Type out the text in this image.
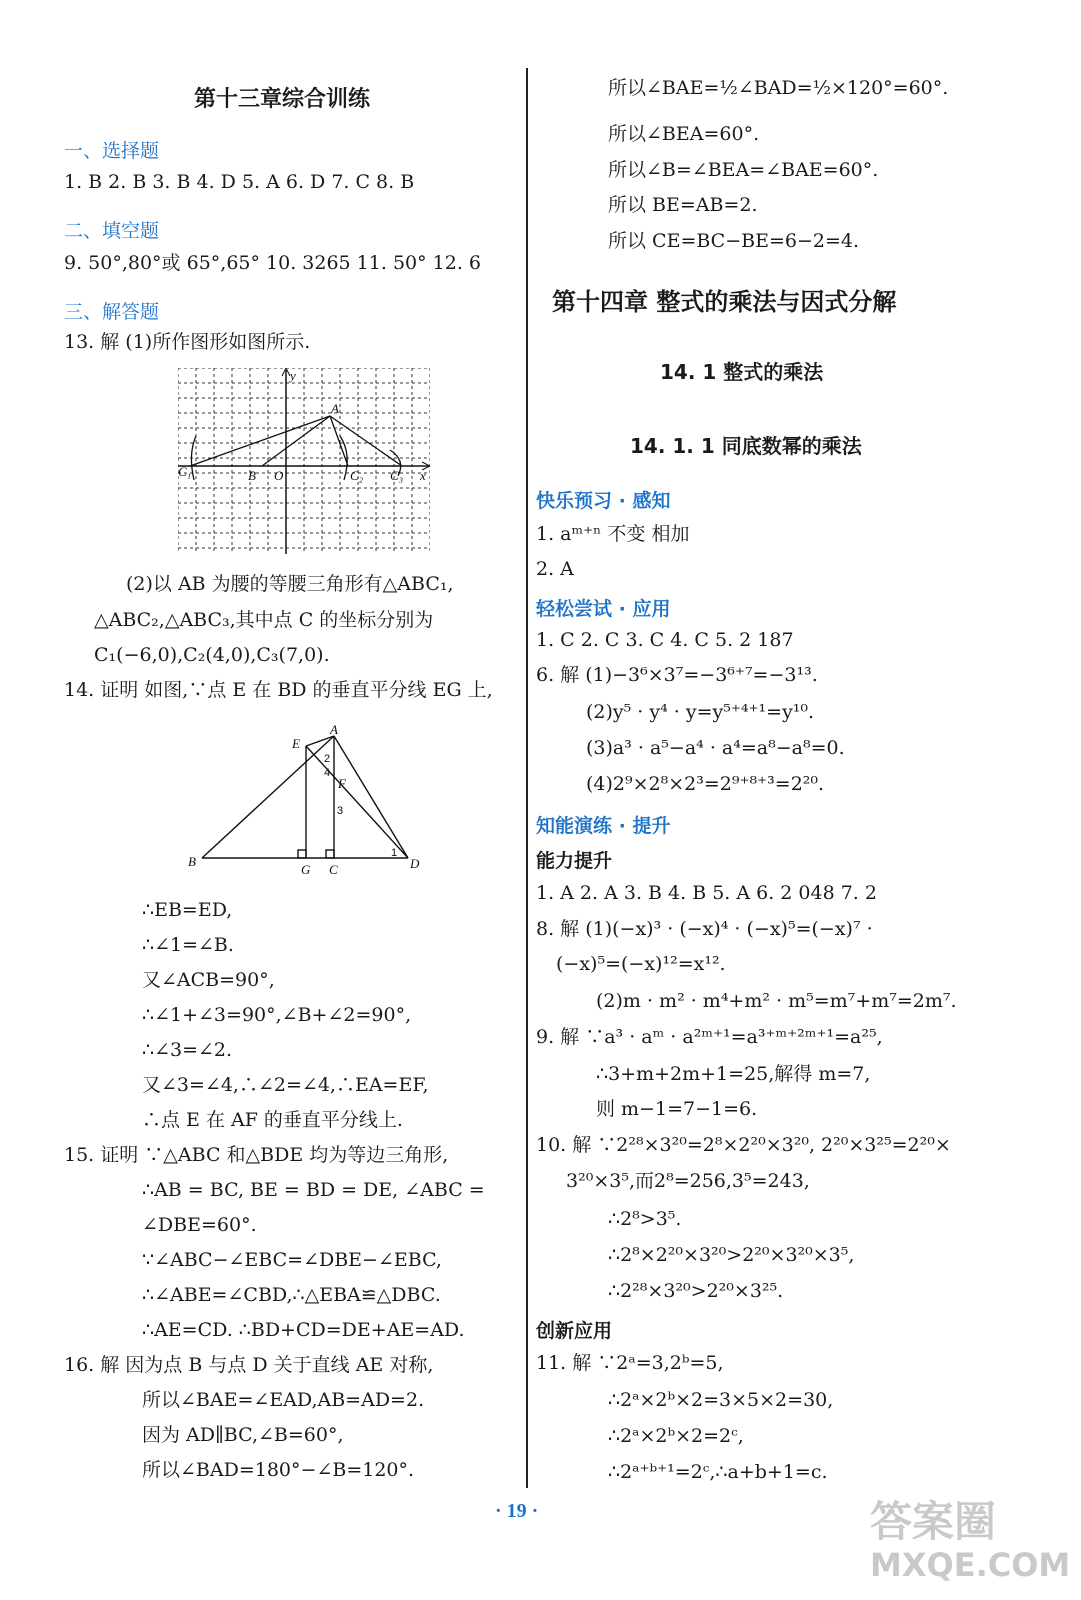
第十三章综合训练
一、选择题
1. B 2. B 3. B 4. D 5. A 6. D 7. C 8. B
二、填空题
9. 50°,80°或 65°,65° 10. 3265 11. 50° 12. 6
三、解答题
13. 解 (1)所作图形如图所示.
A
B O
C₁	C₂ C₃ x
y
(2)以 AB 为腰的等腰三角形有△ABC₁,
△ABC₂,△ABC₃,其中点 C 的坐标分别为
C₁(−6,0),C₂(4,0),C₃(7,0).
14. 证明 如图,∵点 E 在 BD 的垂直平分线 EG 上,
A
B
C	D
E
F
G
1
2
3
4
∴EB=ED,
∴∠1=∠B.
又∠ACB=90°,
∴∠1+∠3=90°,∠B+∠2=90°,
∴∠3=∠2.
又∠3=∠4,∴∠2=∠4,∴EA=EF,
∴点 E 在 AF 的垂直平分线上.
15. 证明 ∵△ABC 和△BDE 均为等边三角形,
∴AB = BC, BE = BD = DE, ∠ABC =
∠DBE=60°.
∵∠ABC−∠EBC=∠DBE−∠EBC,
∴∠ABE=∠CBD,∴△EBA≌△DBC.
∴AE=CD. ∴BD+CD=DE+AE=AD.
16. 解 因为点 B 与点 D 关于直线 AE 对称,
所以∠BAE=∠EAD,AB=AD=2.
因为 AD∥BC,∠B=60°,
所以∠BAD=180°−∠B=120°.
所以∠BAE=½∠BAD=½×120°=60°.
所以∠BEA=60°.
所以∠B=∠BEA=∠BAE=60°.
所以 BE=AB=2.
所以 CE=BC−BE=6−2=4.
第十四章 整式的乘法与因式分解
14. 1 整式的乘法
14. 1. 1 同底数幂的乘法
快乐预习 · 感知
1. aᵐ⁺ⁿ 不变 相加
2. A
轻松尝试 · 应用
1. C 2. C 3. C 4. C 5. 2 187
6. 解 (1)−3⁶×3⁷=−3⁶⁺⁷=−3¹³.
(2)y⁵ · y⁴ · y=y⁵⁺⁴⁺¹=y¹⁰.
(3)a³ · a⁵−a⁴ · a⁴=a⁸−a⁸=0.
(4)2⁹×2⁸×2³=2⁹⁺⁸⁺³=2²⁰.
知能演练 · 提升
能力提升
1. A 2. A 3. B 4. B 5. A 6. 2 048 7. 2
8. 解 (1)(−x)³ · (−x)⁴ · (−x)⁵=(−x)⁷ ·
(−x)⁵=(−x)¹²=x¹².
(2)m · m² · m⁴+m² · m⁵=m⁷+m⁷=2m⁷.
9. 解 ∵a³ · aᵐ · a²ᵐ⁺¹=a³⁺ᵐ⁺²ᵐ⁺¹=a²⁵,
∴3+m+2m+1=25,解得 m=7,
则 m−1=7−1=6.
10. 解 ∵2²⁸×3²⁰=2⁸×2²⁰×3²⁰, 2²⁰×3²⁵=2²⁰×
3²⁰×3⁵,而2⁸=256,3⁵=243,
∴2⁸>3⁵.
∴2⁸×2²⁰×3²⁰>2²⁰×3²⁰×3⁵,
∴2²⁸×3²⁰>2²⁰×3²⁵.
创新应用
11. 解 ∵2ᵃ=3,2ᵇ=5,
∴2ᵃ×2ᵇ×2=3×5×2=30,
∴2ᵃ×2ᵇ×2=2ᶜ,
∴2ᵃ⁺ᵇ⁺¹=2ᶜ,∴a+b+1=c.
· 19 ·	答案圈
MXQE.COM
